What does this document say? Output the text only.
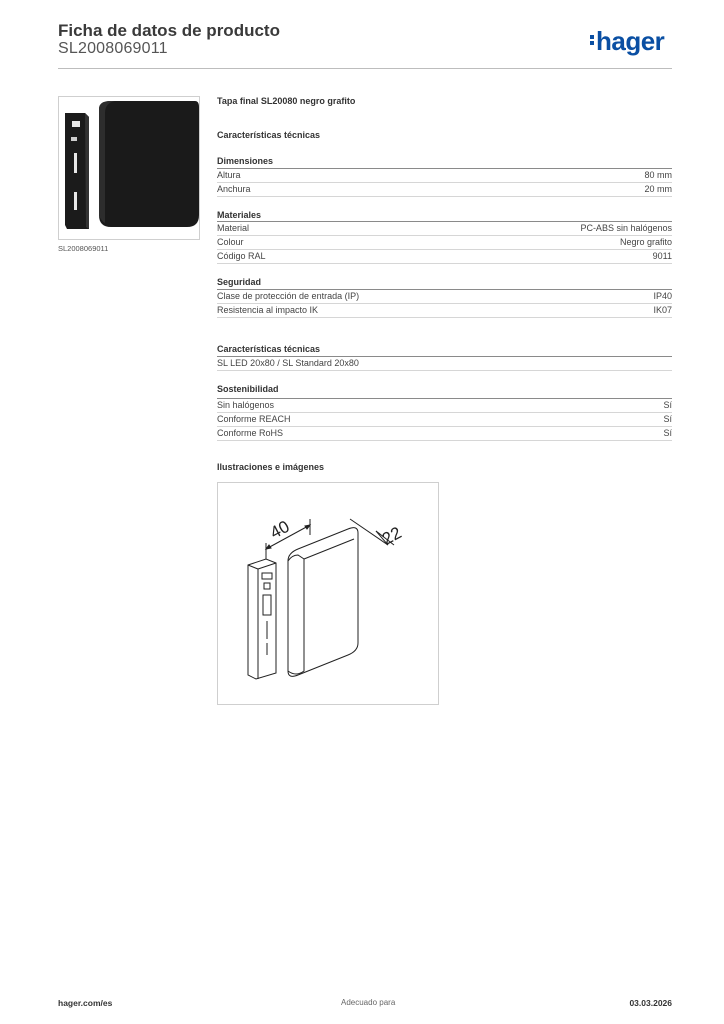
Ficha de datos de producto
SL2008069011	hager
SL2008069011
Tapa final SL20080 negro grafito
Características técnicas
Dimensiones
Altura	80 mm
Anchura	20 mm
Materiales
Material	PC-ABS sin halógenos
Colour	Negro grafito
Código RAL	9011
Seguridad
Clase de protección de entrada (IP)	IP40
Resistencia al impacto IK	IK07
Características técnicas
SL LED 20x80 / SL Standard 20x80
Sostenibilidad
Sin halógenos	Sí
Conforme REACH	Sí
Conforme RoHS	Sí
Ilustraciones e imágenes
40	22
hager.com/es	Adecuado para	03.03.2026
